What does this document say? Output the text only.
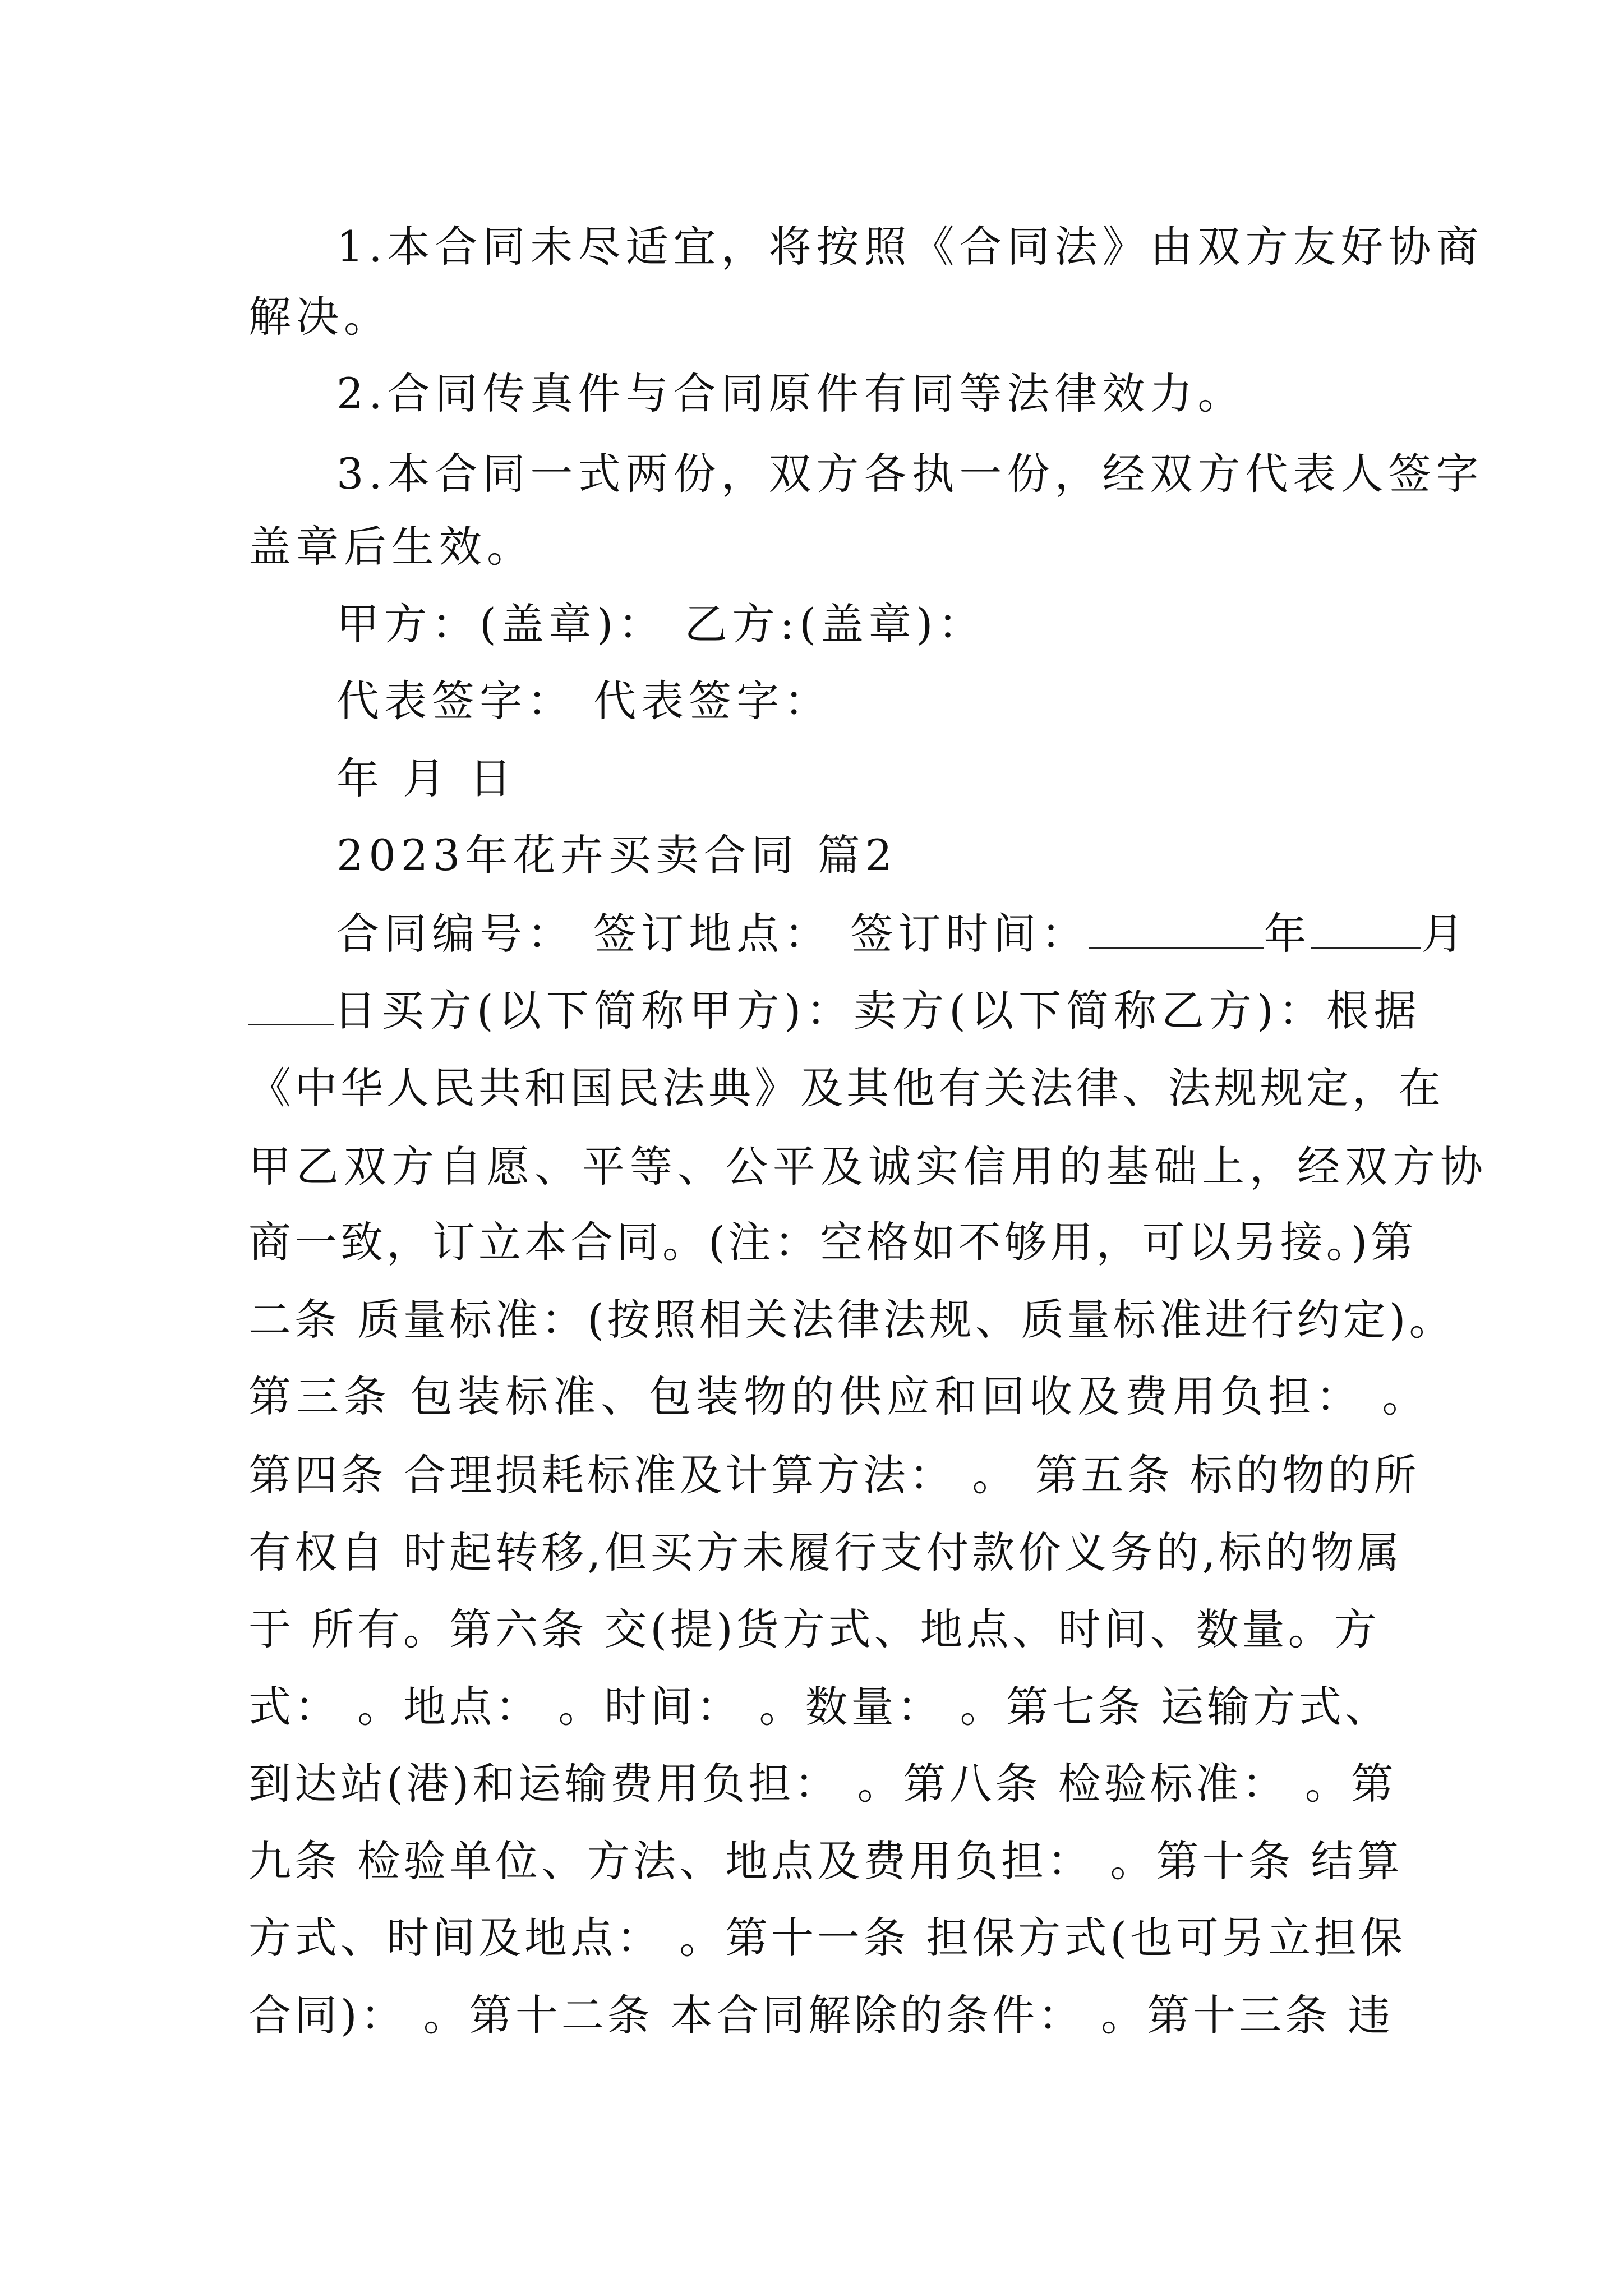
1.本合同未尽适宜，将按照《合同法》由双方友好协商
解决。
2.合同传真件与合同原件有同等法律效力。
3.本合同一式两份，双方各执一份，经双方代表人签字
盖章后生效。
甲方：(盖章)： 乙方:(盖章)：
代表签字： 代表签字：
年 月 日
2023年花卉买卖合同 篇2
合同编号： 签订地点： 签订时间：	年	月
日买方(以下简称甲方)：卖方(以下简称乙方)：根据
《中华人民共和国民法典》及其他有关法律、法规规定，在
甲乙双方自愿、平等、公平及诚实信用的基础上，经双方协
商一致，订立本合同。(注：空格如不够用，可以另接。)第
二条 质量标准：(按照相关法律法规、质量标准进行约定)。
第三条 包装标准、包装物的供应和回收及费用负担： 。
第四条 合理损耗标准及计算方法： 。 第五条 标的物的所
有权自 时起转移,但买方未履行支付款价义务的,标的物属
于 所有。第六条 交(提)货方式、地点、时间、数量。方
式： 。地点： 。时间： 。数量： 。第七条 运输方式、
到达站(港)和运输费用负担： 。第八条 检验标准： 。第
九条 检验单位、方法、地点及费用负担： 。第十条 结算
方式、时间及地点： 。第十一条 担保方式(也可另立担保
合同)： 。第十二条 本合同解除的条件： 。第十三条 违
